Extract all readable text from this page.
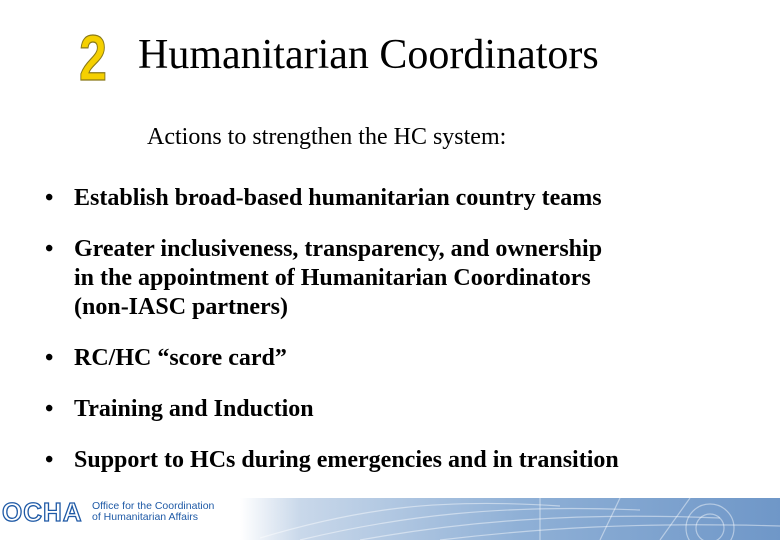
2 Humanitarian Coordinators
Actions to strengthen the HC system:
• Establish broad-based humanitarian country teams
• Greater inclusiveness, transparency, and ownership
in the appointment of Humanitarian Coordinators
(non-IASC partners)
• RC/HC “score card”
• Training and Induction
• Support to HCs during emergencies and in transition
OCHA Office for the Coordination
of Humanitarian Affairs
